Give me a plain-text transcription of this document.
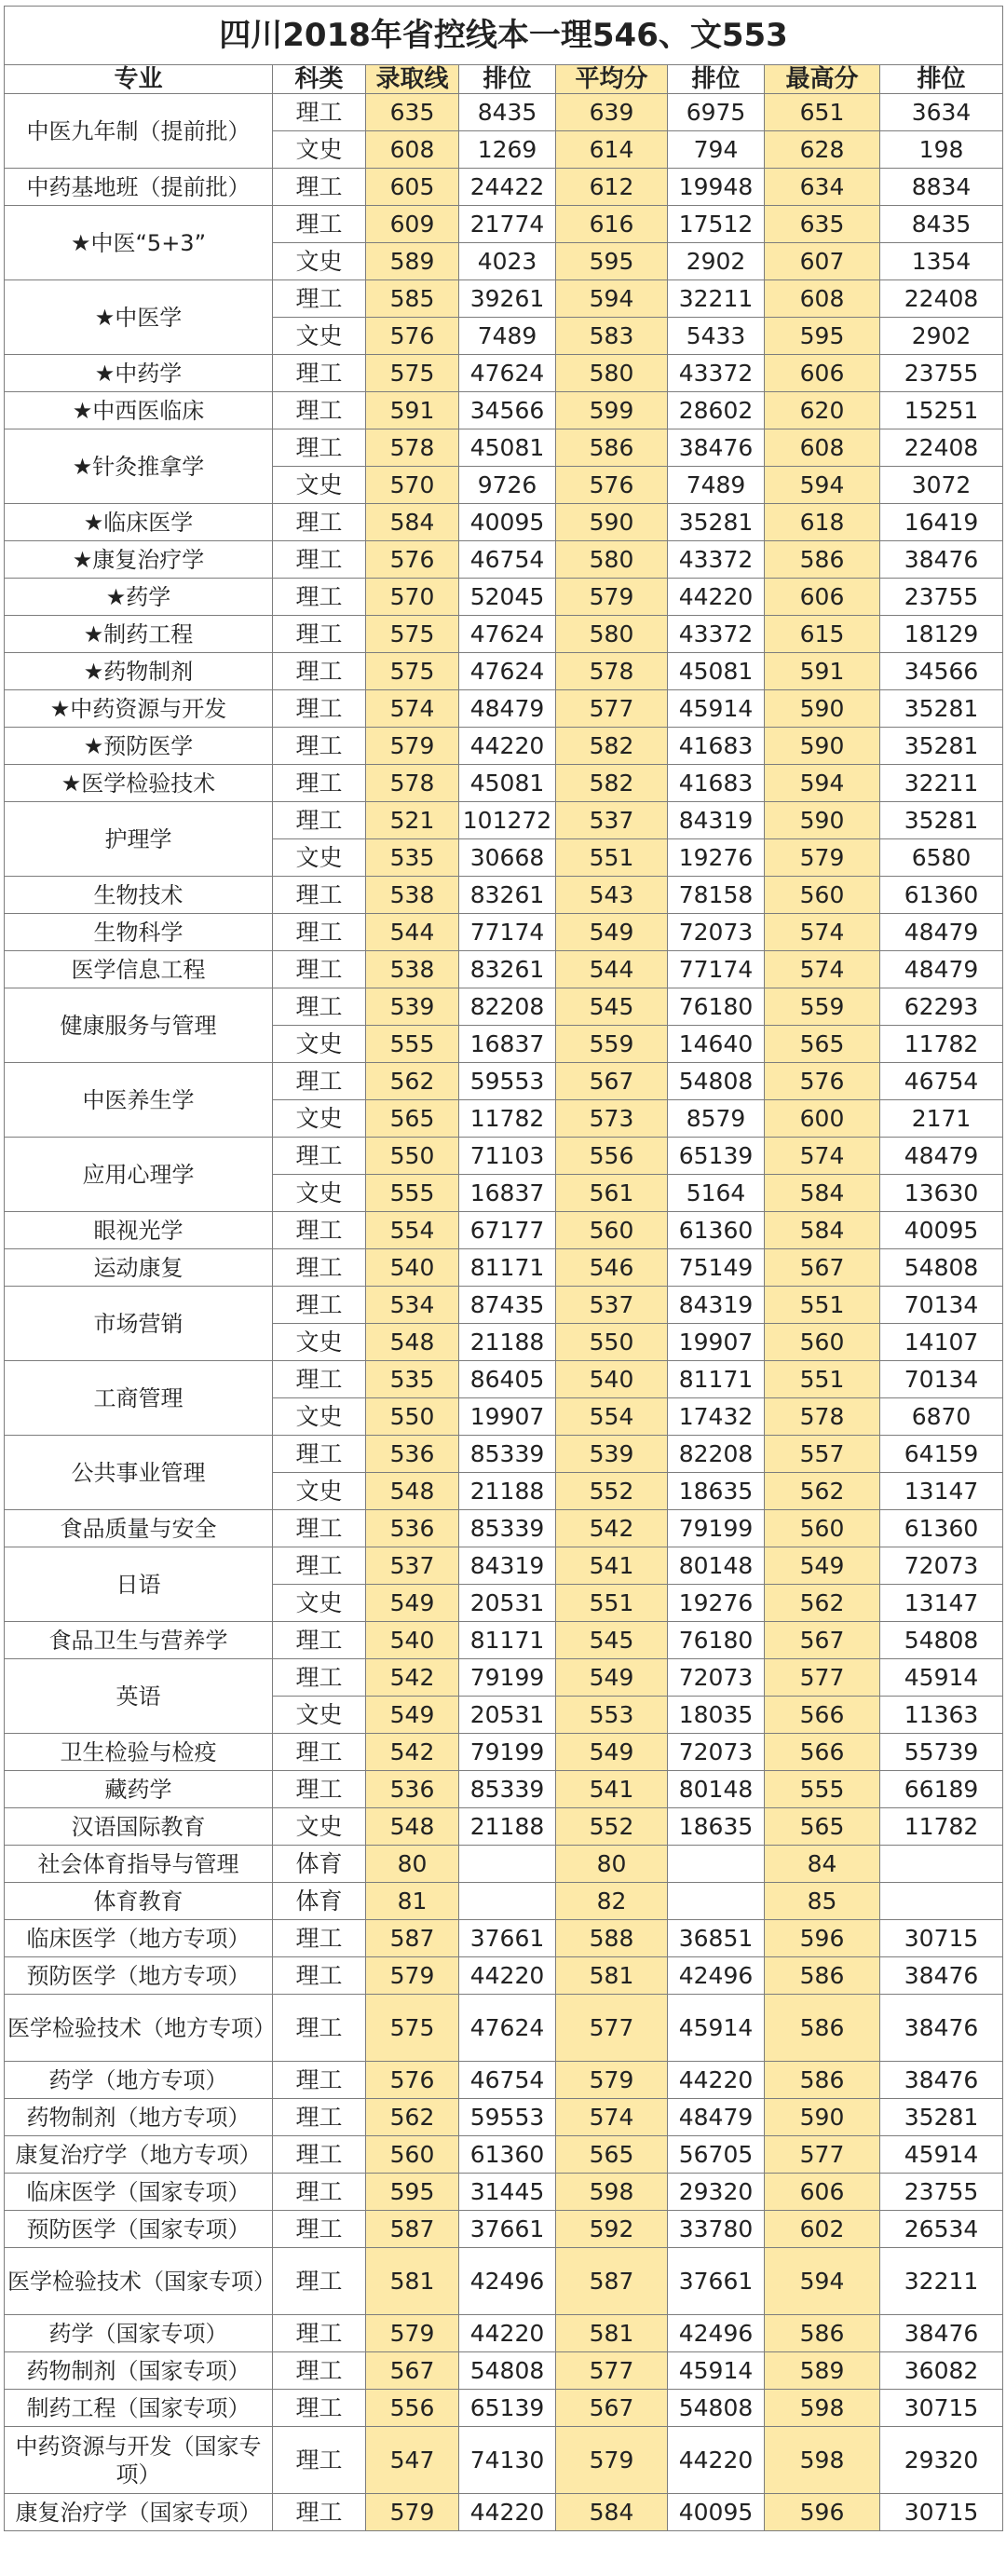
四川2018年省控线本一理546、文553							
专业	科类	录取线	排位	平均分	排位	最高分	排位
中医九年制（提前批）	理工	635	8435	639	6975	651	3634
	文史	608	1269	614	794	628	198
中药基地班（提前批）	理工	605	24422	612	19948	634	8834
★中医“5+3”	理工	609	21774	616	17512	635	8435
	文史	589	4023	595	2902	607	1354
★中医学	理工	585	39261	594	32211	608	22408
	文史	576	7489	583	5433	595	2902
★中药学	理工	575	47624	580	43372	606	23755
★中西医临床	理工	591	34566	599	28602	620	15251
★针灸推拿学	理工	578	45081	586	38476	608	22408
	文史	570	9726	576	7489	594	3072
★临床医学	理工	584	40095	590	35281	618	16419
★康复治疗学	理工	576	46754	580	43372	586	38476
★药学	理工	570	52045	579	44220	606	23755
★制药工程	理工	575	47624	580	43372	615	18129
★药物制剂	理工	575	47624	578	45081	591	34566
★中药资源与开发	理工	574	48479	577	45914	590	35281
★预防医学	理工	579	44220	582	41683	590	35281
★医学检验技术	理工	578	45081	582	41683	594	32211
护理学	理工	521	101272	537	84319	590	35281
	文史	535	30668	551	19276	579	6580
生物技术	理工	538	83261	543	78158	560	61360
生物科学	理工	544	77174	549	72073	574	48479
医学信息工程	理工	538	83261	544	77174	574	48479
健康服务与管理	理工	539	82208	545	76180	559	62293
	文史	555	16837	559	14640	565	11782
中医养生学	理工	562	59553	567	54808	576	46754
	文史	565	11782	573	8579	600	2171
应用心理学	理工	550	71103	556	65139	574	48479
	文史	555	16837	561	5164	584	13630
眼视光学	理工	554	67177	560	61360	584	40095
运动康复	理工	540	81171	546	75149	567	54808
市场营销	理工	534	87435	537	84319	551	70134
	文史	548	21188	550	19907	560	14107
工商管理	理工	535	86405	540	81171	551	70134
	文史	550	19907	554	17432	578	6870
公共事业管理	理工	536	85339	539	82208	557	64159
	文史	548	21188	552	18635	562	13147
食品质量与安全	理工	536	85339	542	79199	560	61360
日语	理工	537	84319	541	80148	549	72073
	文史	549	20531	551	19276	562	13147
食品卫生与营养学	理工	540	81171	545	76180	567	54808
英语	理工	542	79199	549	72073	577	45914
	文史	549	20531	553	18035	566	11363
卫生检验与检疫	理工	542	79199	549	72073	566	55739
藏药学	理工	536	85339	541	80148	555	66189
汉语国际教育	文史	548	21188	552	18635	565	11782
社会体育指导与管理	体育	80		80		84	
体育教育	体育	81		82		85	
临床医学（地方专项）	理工	587	37661	588	36851	596	30715
预防医学（地方专项）	理工	579	44220	581	42496	586	38476
医学检验技术（地方专项）	理工	575	47624	577	45914	586	38476
药学（地方专项）	理工	576	46754	579	44220	586	38476
药物制剂（地方专项）	理工	562	59553	574	48479	590	35281
康复治疗学（地方专项）	理工	560	61360	565	56705	577	45914
临床医学（国家专项）	理工	595	31445	598	29320	606	23755
预防医学（国家专项）	理工	587	37661	592	33780	602	26534
医学检验技术（国家专项）	理工	581	42496	587	37661	594	32211
药学（国家专项）	理工	579	44220	581	42496	586	38476
药物制剂（国家专项）	理工	567	54808	577	45914	589	36082
制药工程（国家专项）	理工	556	65139	567	54808	598	30715
中药资源与开发（国家专项）	理工	547	74130	579	44220	598	29320
康复治疗学（国家专项）	理工	579	44220	584	40095	596	30715
